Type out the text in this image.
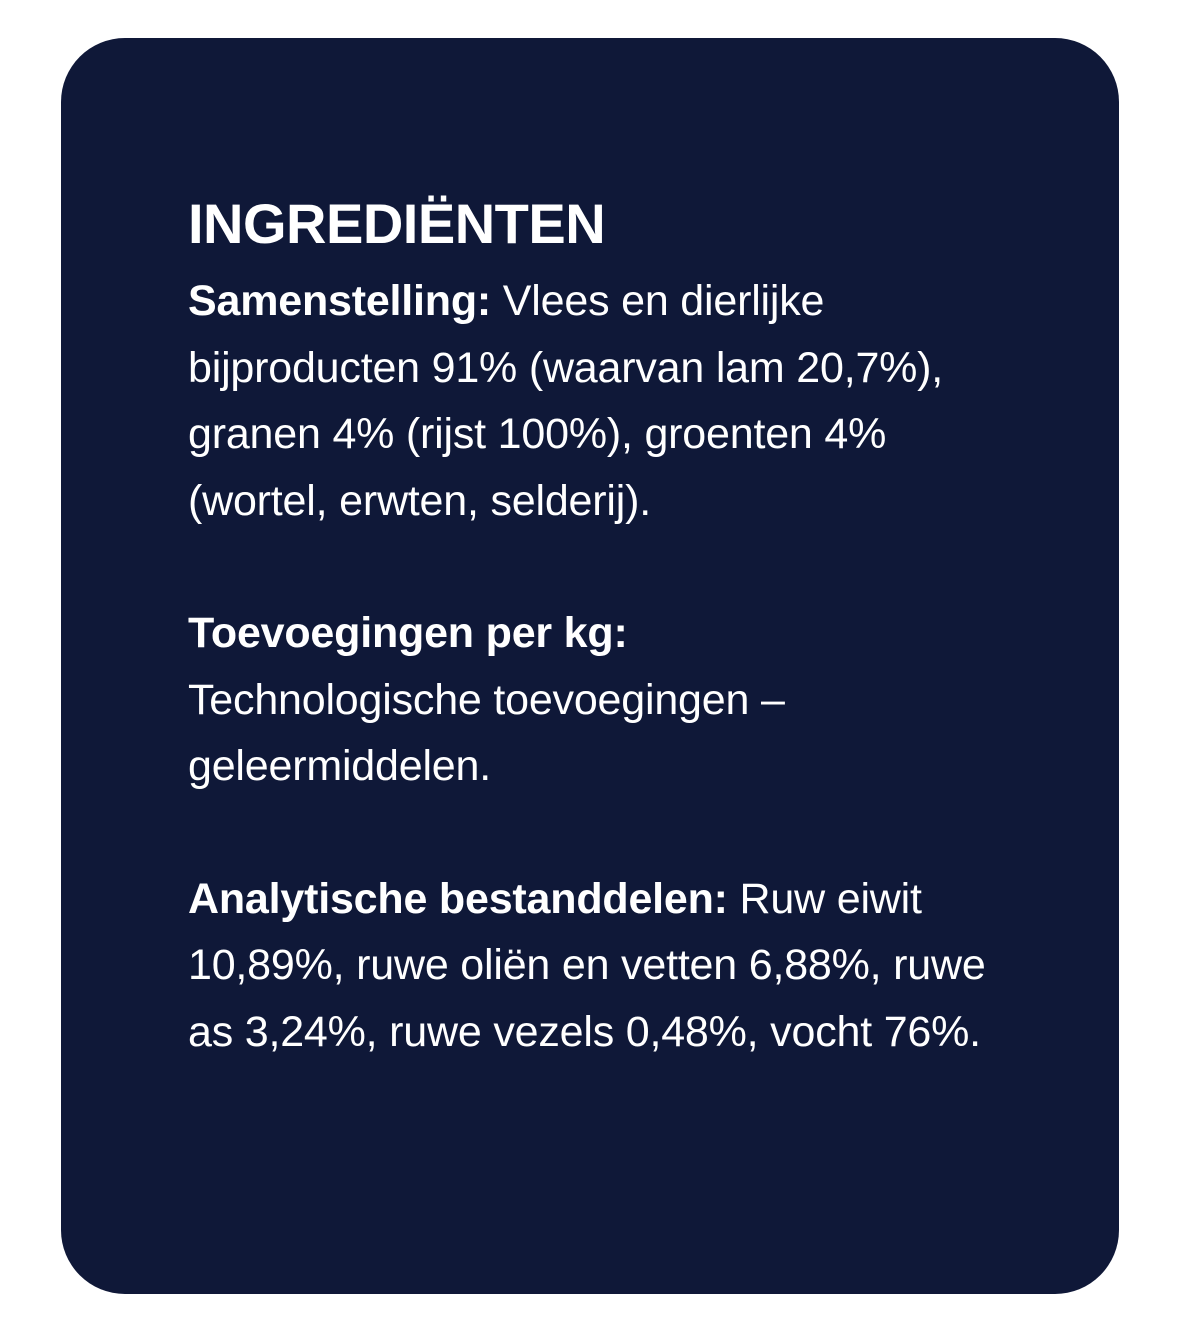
INGREDIËNTEN

Samenstelling: Vlees en dierlijke bijproducten 91% (waarvan lam 20,7%), granen 4% (rijst 100%), groenten 4% (wortel, erwten, selderij).

Toevoegingen per kg:
Technologische toevoegingen – geleermiddelen.

Analytische bestanddelen: Ruw eiwit 10,89%, ruwe oliën en vetten 6,88%, ruwe as 3,24%, ruwe vezels 0,48%, vocht 76%.
